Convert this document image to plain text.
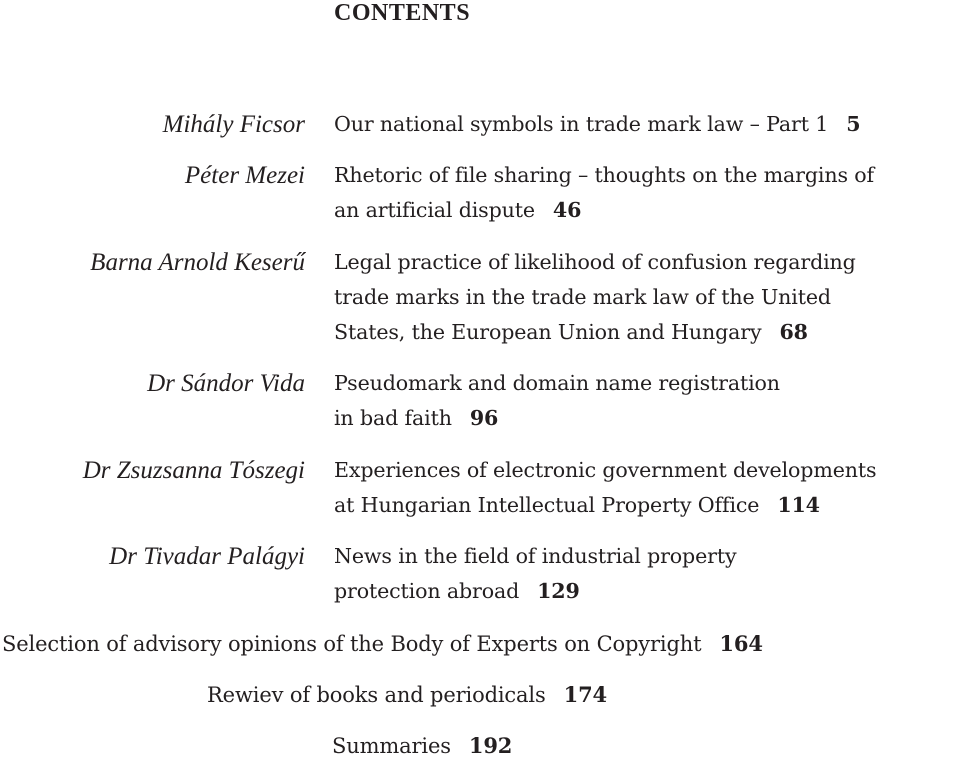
CONTENTS
Mihály Ficsor Our national symbols in trade mark law – Part 1 5
Péter Mezei Rhetoric of file sharing – thoughts on the margins of
an artificial dispute 46
Barna Arnold Keserű Legal practice of likelihood of confusion regarding
trade marks in the trade mark law of the United
States, the European Union and Hungary 68
Dr Sándor Vida Pseudomark and domain name registration
in bad faith 96
Dr Zsuzsanna Tószegi Experiences of electronic government developments
at Hungarian Intellectual Property Office 114
Dr Tivadar Palágyi News in the field of industrial property
protection abroad 129
Selection of advisory opinions of the Body of Experts on Copyright 164
Rewiev of books and periodicals 174
Summaries 192
